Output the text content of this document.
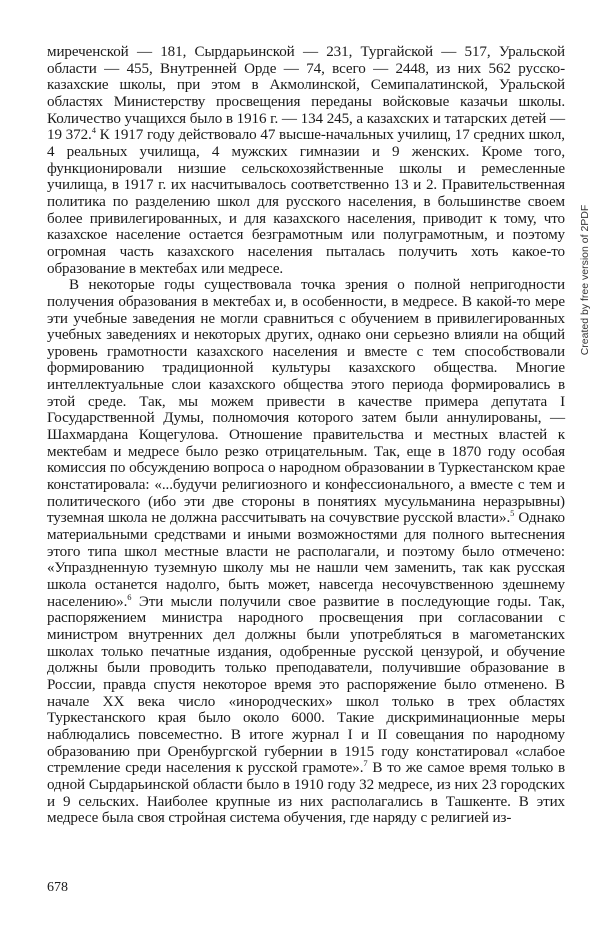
миреченской — 181, Сырдарьинской — 231, Тургайской — 517, Уральской области — 455, Внутренней Орде — 74, всего — 2448, из них 562 русско-казахские школы, при этом в Акмолинской, Семипалатинской, Уральской областях Министерству просвещения переданы войсковые казачьи школы. Количество учащихся было в 1916 г. — 134 245, а казахских и татарских детей — 19 372.$^4$ К 1917 году действовало 47 высше-начальных училищ, 17 средних школ, 4 реальных училища, 4 мужских гимназии и 9 женских. Кроме того, функционировали низшие сельскохозяйственные школы и ремесленные училища, в 1917 г. их насчитывалось соответственно 13 и 2. Правительственная политика по разделению школ для русского населения, в большинстве своем более привилегированных, и для казахского населения, приводит к тому, что казахское население остается безграмотным или полуграмотным, и поэтому огромная часть казахского населения пыталась получить хоть какое-то образование в мектебах или медресе.

В некоторые годы существовала точка зрения о полной непригодности получения образования в мектебах и, в особенности, в медресе. В какой-то мере эти учебные заведения не могли сравниться с обучением в привилегированных учебных заведениях и некоторых других, однако они серьезно влияли на общий уровень грамотности казахского населения и вместе с тем способствовали формированию традиционной культуры казахского общества. Многие интеллектуальные слои казахского общества этого периода формировались в этой среде. Так, мы можем привести в качестве примера депутата I Государственной Думы, полномочия которого затем были аннулированы, — Шахмардана Кощегулова. Отношение правительства и местных властей к мектебам и медресе было резко отрицательным. Так, еще в 1870 году особая комиссия по обсуждению вопроса о народном образовании в Туркестанском крае констатировала: «...будучи религиозного и конфессионального, а вместе с тем и политического (ибо эти две стороны в понятиях мусульманина неразрывны) туземная школа не должна рассчитывать на сочувствие русской власти».$^5$ Однако материальными средствами и иными возможностями для полного вытеснения этого типа школ местные власти не располагали, и поэтому было отмечено: «Упраздненную туземную школу мы не нашли чем заменить, так как русская школа останется надолго, быть может, навсегда несочувственною здешнему населению».$^6$ Эти мысли получили свое развитие в последующие годы. Так, распоряжением министра народного просвещения при согласовании с министром внутренних дел должны были употребляться в магометанских школах только печатные издания, одобренные русской цензурой, и обучение должны были проводить только преподаватели, получившие образование в России, правда спустя некоторое время это распоряжение было отменено. В начале XX века число «инородческих» школ только в трех областях Туркестанского края было около 6000. Такие дискриминационные меры наблюдались повсеместно. В итоге журнал I и II совещания по народному образованию при Оренбургской губернии в 1915 году констатировал «слабое стремление среди населения к русской грамоте».$^7$ В то же самое время только в одной Сырдарьинской области было в 1910 году 32 медресе, из них 23 городских и 9 сельских. Наиболее крупные из них располагались в Ташкенте. В этих медресе была своя стройная система обучения, где наряду с религией из-

678
Created by free version of 2PDF
